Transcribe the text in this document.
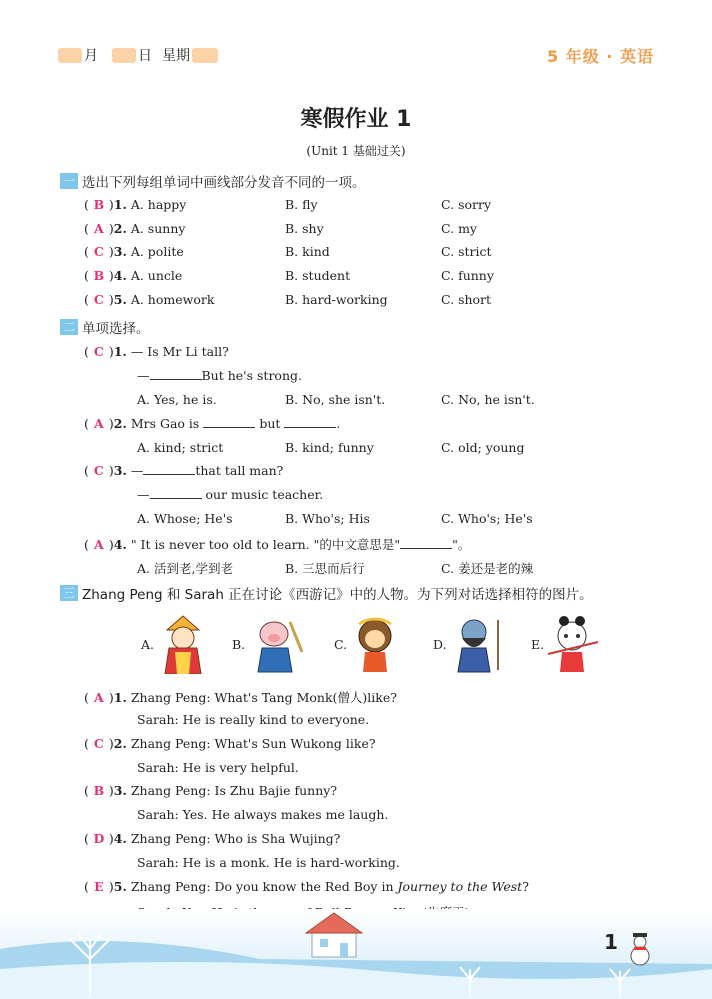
月	日 星期	5 年级 · 英语
寒假作业 1
(Unit 1 基础过关)
一 选出下列每组单词中画线部分发音不同的一项。
( B )1. A. happy	B. fly	C. sorry
( A )2. A. sunny	B. shy	C. my
( C )3. A. polite	B. kind	C. strict
( B )4. A. uncle	B. student	C. funny
( C )5. A. homework	B. hard-working	C. short
二 单项选择。
( C )1. — Is Mr Li tall?
—	But he's strong.
A. Yes, he is.	B. No, she isn't.	C. No, he isn't.
( A )2. Mrs Gao is	but	.
A. kind; strict	B. kind; funny	C. old; young
( C )3. —	that tall man?
—	our music teacher.
A. Whose; He's	B. Who's; His	C. Who's; He's
( A )4. " It is never too old to learn. "的中文意思是"	"。
A. 活到老,学到老	B. 三思而后行	C. 姜还是老的辣
三 Zhang Peng 和 Sarah 正在讨论《西游记》中的人物。为下列对话选择相符的图片。
A.	B.	C.	D.	E.
( A )1. Zhang Peng: What's Tang Monk(僧人)like?
Sarah: He is really kind to everyone.
( C )2. Zhang Peng: What's Sun Wukong like?
Sarah: He is very helpful.
( B )3. Zhang Peng: Is Zhu Bajie funny?
Sarah: Yes. He always makes me laugh.
( D )4. Zhang Peng: Who is Sha Wujing?
Sarah: He is a monk. He is hard-working.
( E )5. Zhang Peng: Do you know the Red Boy in Journey to the West?
1
